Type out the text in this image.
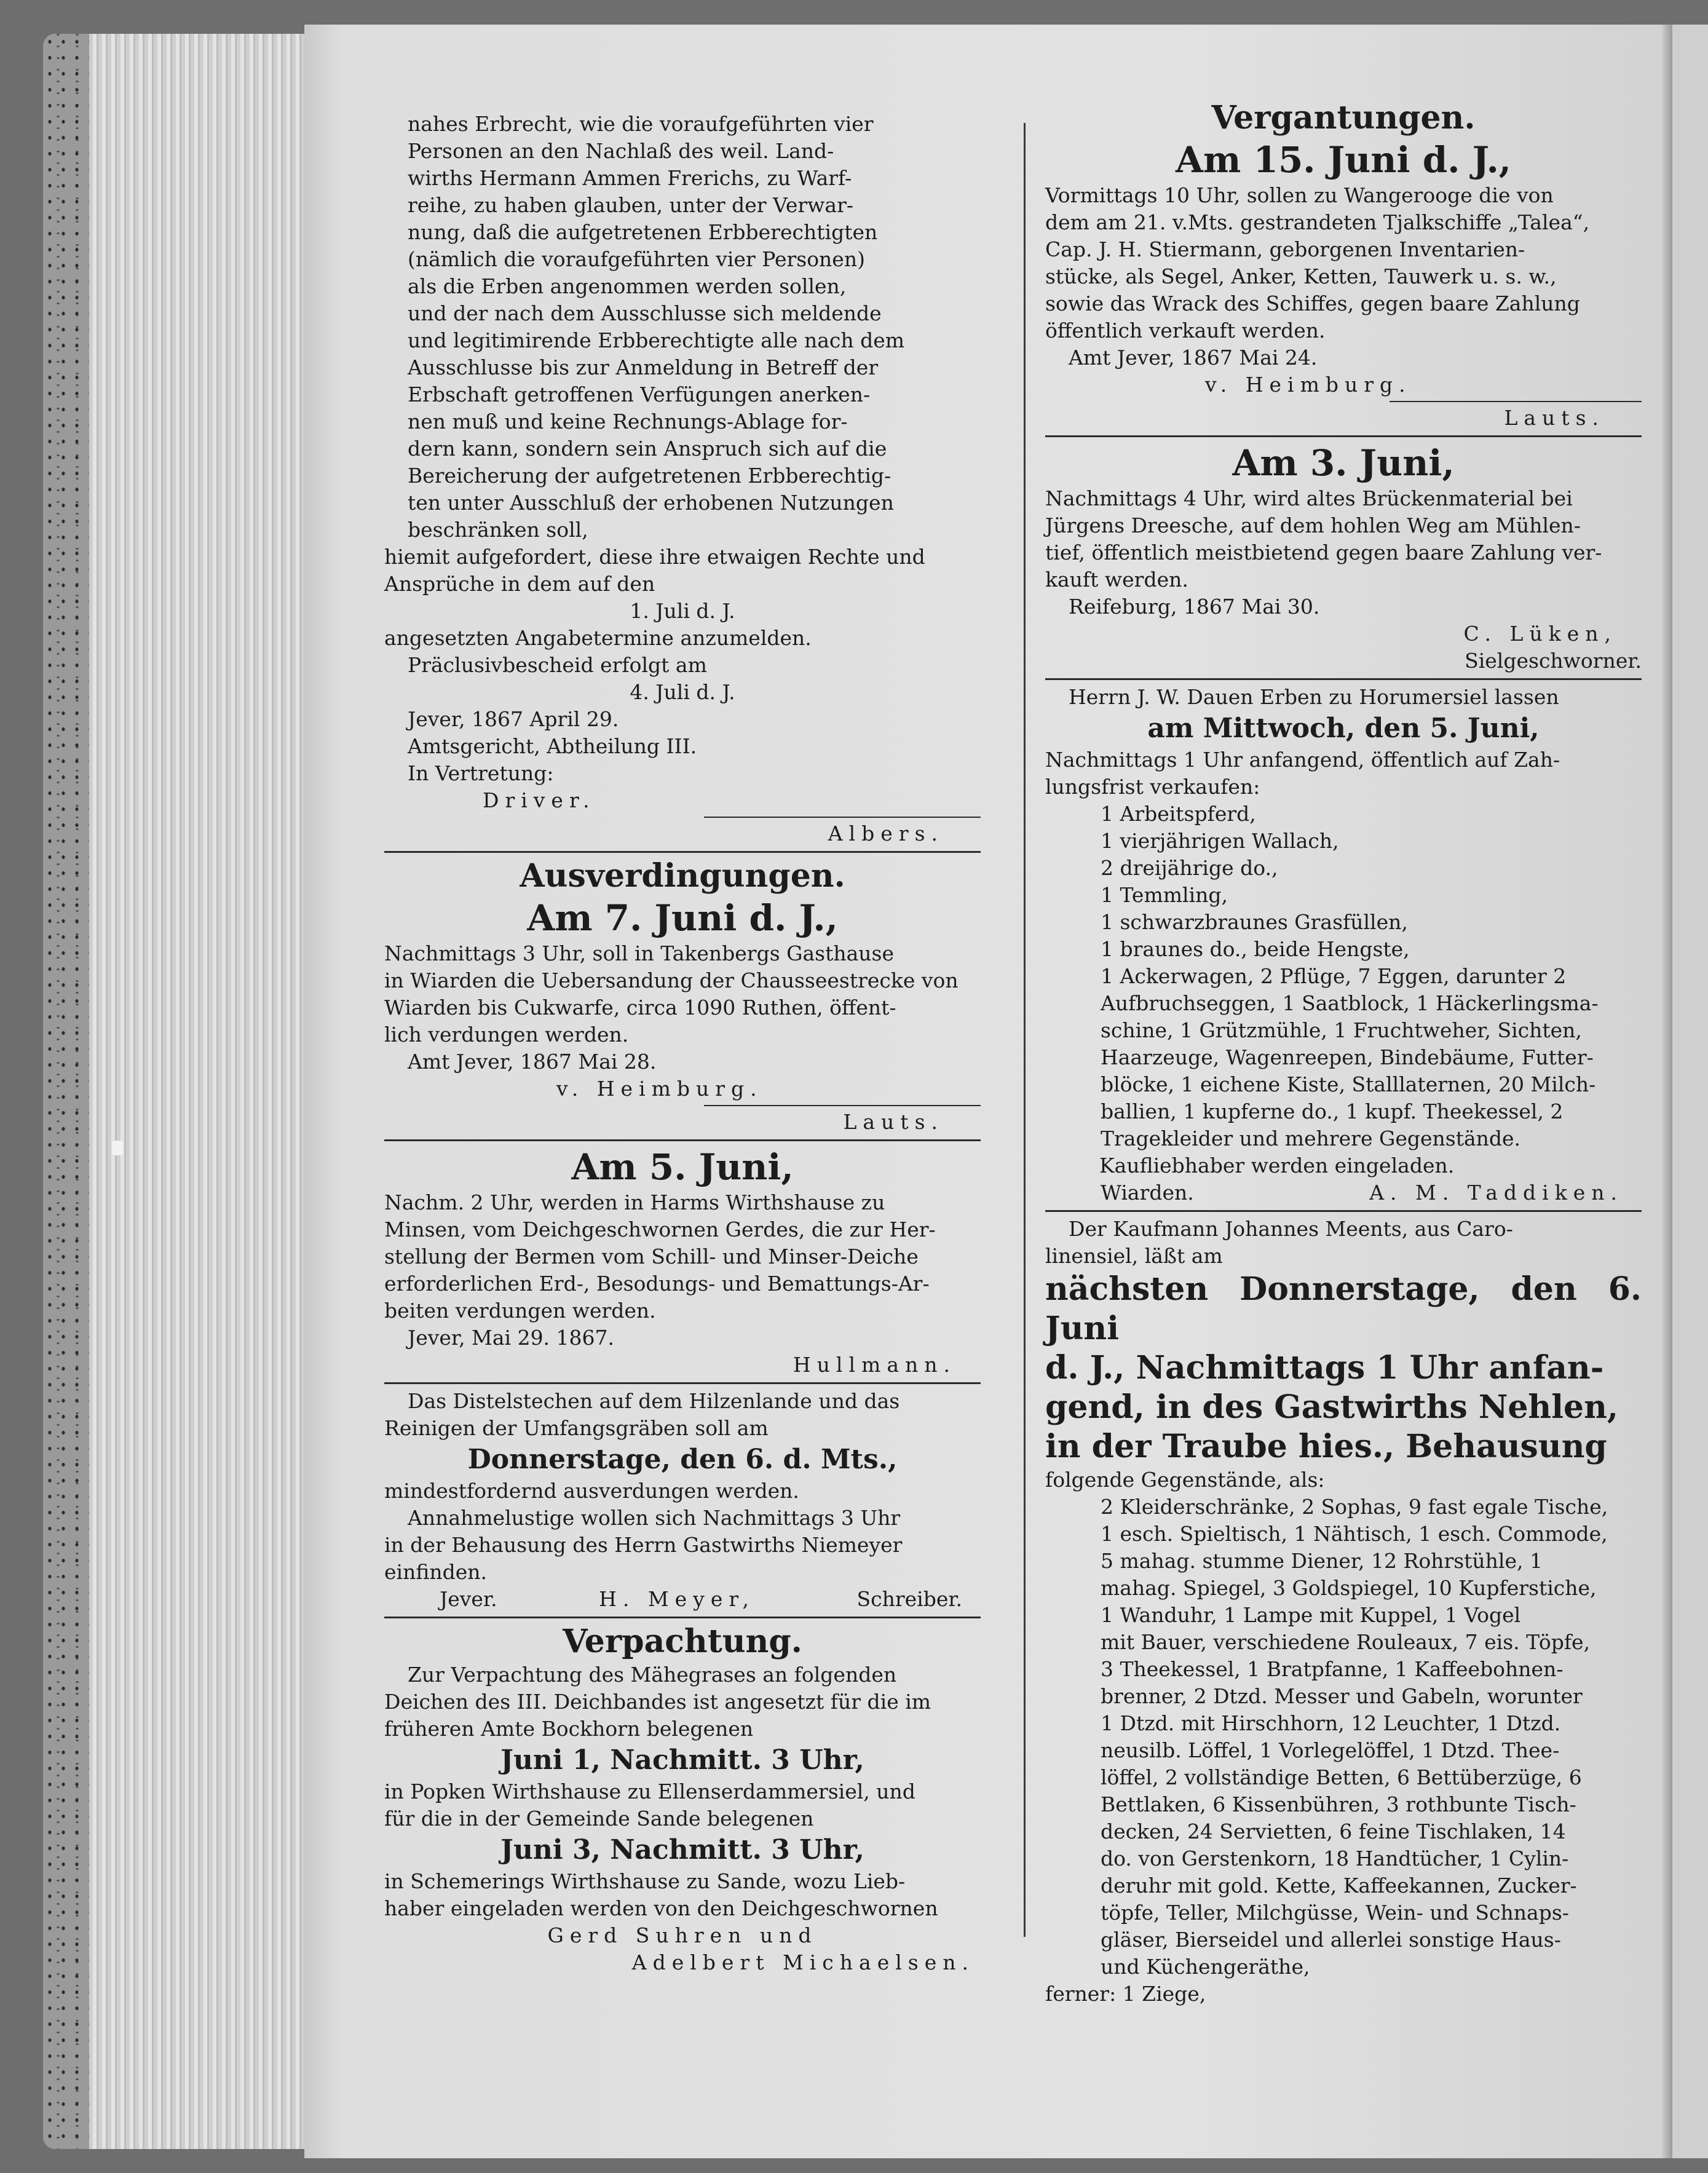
nahes Erbrecht, wie die voraufgeführten vier

Personen an den Nachlaß des weil. Land-

wirths Hermann Ammen Frerichs, zu Warf-

reihe, zu haben glauben, unter der Verwar-

nung, daß die aufgetretenen Erbberechtigten

(nämlich die voraufgeführten vier Personen)

als die Erben angenommen werden sollen,

und der nach dem Ausschlusse sich meldende

und legitimirende Erbberechtigte alle nach dem

Ausschlusse bis zur Anmeldung in Betreff der

Erbschaft getroffenen Verfügungen anerken-

nen muß und keine Rechnungs-Ablage for-

dern kann, sondern sein Anspruch sich auf die

Bereicherung der aufgetretenen Erbberechtig-

ten unter Ausschluß der erhobenen Nutzungen

beschränken soll,

hiemit aufgefordert, diese ihre etwaigen Rechte und

Ansprüche in dem auf den

1. Juli d. J.

angesetzten Angabetermine anzumelden.

Präclusivbescheid erfolgt am

4. Juli d. J.

Jever, 1867 April 29.

Amtsgericht, Abtheilung III.

In Vertretung:

Driver.

Albers.

Ausverdingungen.

Am 7. Juni d. J.,

Nachmittags 3 Uhr, soll in Takenbergs Gasthause

in Wiarden die Uebersandung der Chausseestrecke von

Wiarden bis Cukwarfe, circa 1090 Ruthen, öffent-

lich verdungen werden.

Amt Jever, 1867 Mai 28.

v. Heimburg.

Lauts.

Am 5. Juni,

Nachm. 2 Uhr, werden in Harms Wirthshause zu

Minsen, vom Deichgeschwornen Gerdes, die zur Her-

stellung der Bermen vom Schill- und Minser-Deiche

erforderlichen Erd-, Besodungs- und Bemattungs-Ar-

beiten verdungen werden.

Jever, Mai 29. 1867.

Hullmann.

Das Distelstechen auf dem Hilzenlande und das

Reinigen der Umfangsgräben soll am

Donnerstage, den 6. d. Mts.,

mindestfordernd ausverdungen werden.

Annahmelustige wollen sich Nachmittags 3 Uhr

in der Behausung des Herrn Gastwirths Niemeyer

einfinden.

Jever.	H. Meyer,	Schreiber.

Verpachtung.

Zur Verpachtung des Mähegrases an folgenden

Deichen des III. Deichbandes ist angesetzt für die im

früheren Amte Bockhorn belegenen

Juni 1, Nachmitt. 3 Uhr,

in Popken Wirthshause zu Ellenserdammersiel, und

für die in der Gemeinde Sande belegenen

Juni 3, Nachmitt. 3 Uhr,

in Schemerings Wirthshause zu Sande, wozu Lieb-

haber eingeladen werden von den Deichgeschwornen

Gerd Suhren und

Adelbert Michaelsen.

Vergantungen.

Am 15. Juni d. J.,

Vormittags 10 Uhr, sollen zu Wangerooge die von

dem am 21. v.Mts. gestrandeten Tjalkschiffe „Talea“,

Cap. J. H. Stiermann, geborgenen Inventarien-

stücke, als Segel, Anker, Ketten, Tauwerk u. s. w.,

sowie das Wrack des Schiffes, gegen baare Zahlung

öffentlich verkauft werden.

Amt Jever, 1867 Mai 24.

v. Heimburg.

Lauts.

Am 3. Juni,

Nachmittags 4 Uhr, wird altes Brückenmaterial bei

Jürgens Dreesche, auf dem hohlen Weg am Mühlen-

tief, öffentlich meistbietend gegen baare Zahlung ver-

kauft werden.

Reifeburg, 1867 Mai 30.

C. Lüken,

Sielgeschworner.

Herrn J. W. Dauen Erben zu Horumersiel lassen

am Mittwoch, den 5. Juni,

Nachmittags 1 Uhr anfangend, öffentlich auf Zah-

lungsfrist verkaufen:

1 Arbeitspferd,

1 vierjährigen Wallach,

2 dreijährige do.,

1 Temmling,

1 schwarzbraunes Grasfüllen,

1 braunes do., beide Hengste,

1 Ackerwagen, 2 Pflüge, 7 Eggen, darunter 2

Aufbruchseggen, 1 Saatblock, 1 Häckerlingsma-

schine, 1 Grützmühle, 1 Fruchtweher, Sichten,

Haarzeuge, Wagenreepen, Bindebäume, Futter-

blöcke, 1 eichene Kiste, Stalllaternen, 20 Milch-

ballien, 1 kupferne do., 1 kupf. Theekessel, 2

Tragekleider und mehrere Gegenstände.

Kaufliebhaber werden eingeladen.

Wiarden.	A. M. Taddiken.

Der Kaufmann Johannes Meents, aus Caro-

linensiel, läßt am

nächsten Donnerstage, den 6. Juni

d. J., Nachmittags 1 Uhr anfan-

gend, in des Gastwirths Nehlen,

in der Traube hies., Behausung

folgende Gegenstände, als:

2 Kleiderschränke, 2 Sophas, 9 fast egale Tische,

1 esch. Spieltisch, 1 Nähtisch, 1 esch. Commode,

5 mahag. stumme Diener, 12 Rohrstühle, 1

mahag. Spiegel, 3 Goldspiegel, 10 Kupferstiche,

1 Wanduhr, 1 Lampe mit Kuppel, 1 Vogel

mit Bauer, verschiedene Rouleaux, 7 eis. Töpfe,

3 Theekessel, 1 Bratpfanne, 1 Kaffeebohnen-

brenner, 2 Dtzd. Messer und Gabeln, worunter

1 Dtzd. mit Hirschhorn, 12 Leuchter, 1 Dtzd.

neusilb. Löffel, 1 Vorlegelöffel, 1 Dtzd. Thee-

löffel, 2 vollständige Betten, 6 Bettüberzüge, 6

Bettlaken, 6 Kissenbühren, 3 rothbunte Tisch-

decken, 24 Servietten, 6 feine Tischlaken, 14

do. von Gerstenkorn, 18 Handtücher, 1 Cylin-

deruhr mit gold. Kette, Kaffeekannen, Zucker-

töpfe, Teller, Milchgüsse, Wein- und Schnaps-

gläser, Bierseidel und allerlei sonstige Haus-

und Küchengeräthe,

ferner: 1 Ziege,
